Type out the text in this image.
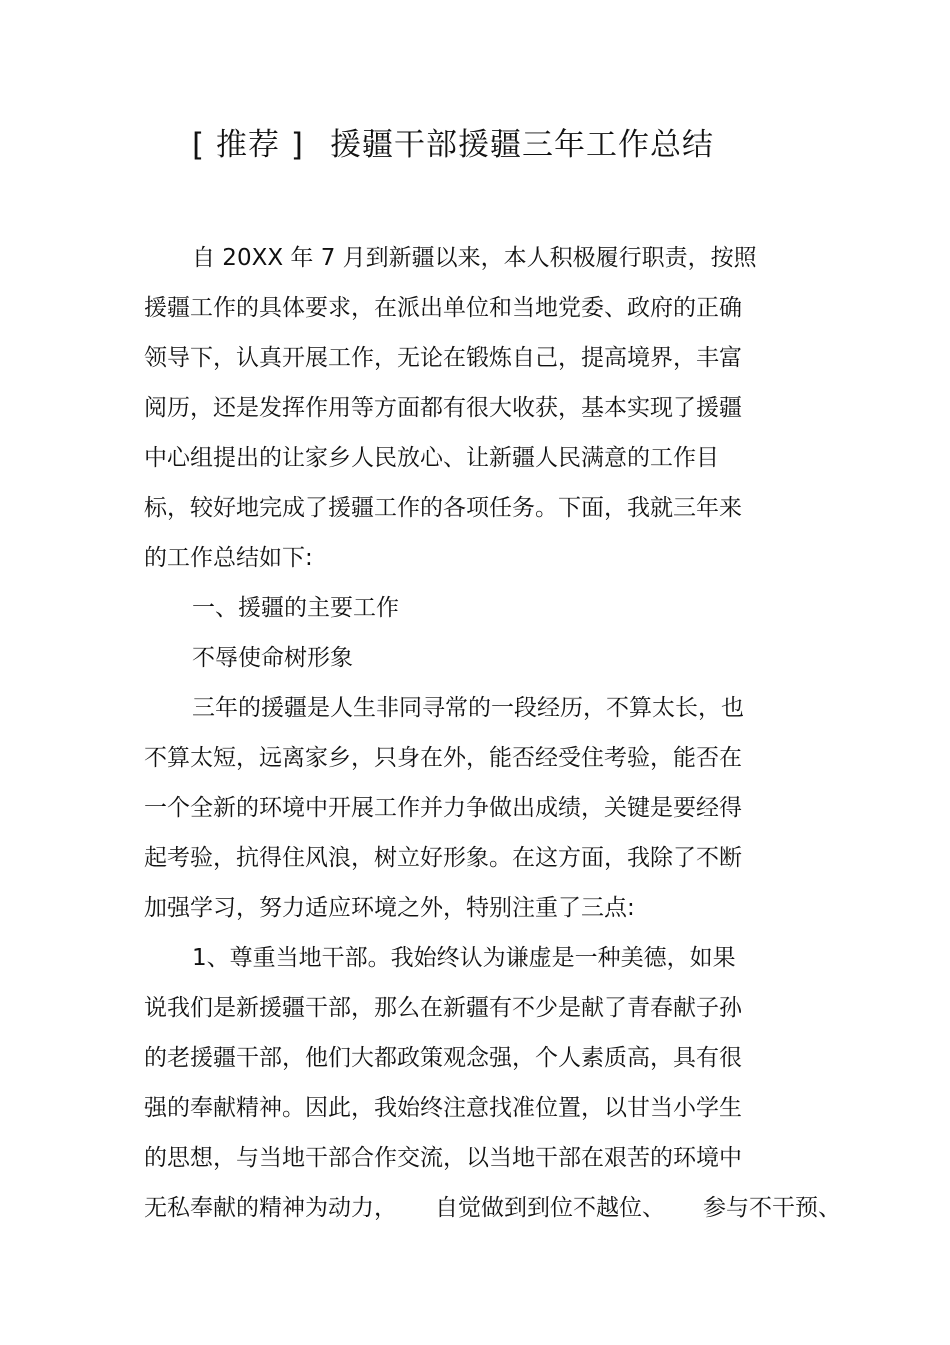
[ 推荐 ] 援疆干部援疆三年工作总结
自 20XX 年 7 月到新疆以来，本人积极履行职责，按照
援疆工作的具体要求，在派出单位和当地党委、政府的正确
领导下，认真开展工作，无论在锻炼自己，提高境界，丰富
阅历，还是发挥作用等方面都有很大收获，基本实现了援疆
中心组提出的让家乡人民放心、让新疆人民满意的工作目
标，较好地完成了援疆工作的各项任务。下面，我就三年来
的工作总结如下:
一、援疆的主要工作
不辱使命树形象
三年的援疆是人生非同寻常的一段经历，不算太长，也
不算太短，远离家乡，只身在外，能否经受住考验，能否在
一个全新的环境中开展工作并力争做出成绩，关键是要经得
起考验，抗得住风浪，树立好形象。在这方面，我除了不断
加强学习，努力适应环境之外，特别注重了三点:
1、尊重当地干部。我始终认为谦虚是一种美德，如果
说我们是新援疆干部，那么在新疆有不少是献了青春献子孙
的老援疆干部，他们大都政策观念强，个人素质高，具有很
强的奉献精神。因此，我始终注意找准位置，以甘当小学生
的思想，与当地干部合作交流，以当地干部在艰苦的环境中
无私奉献的精神为动力， 自觉做到到位不越位、 参与不干预、
